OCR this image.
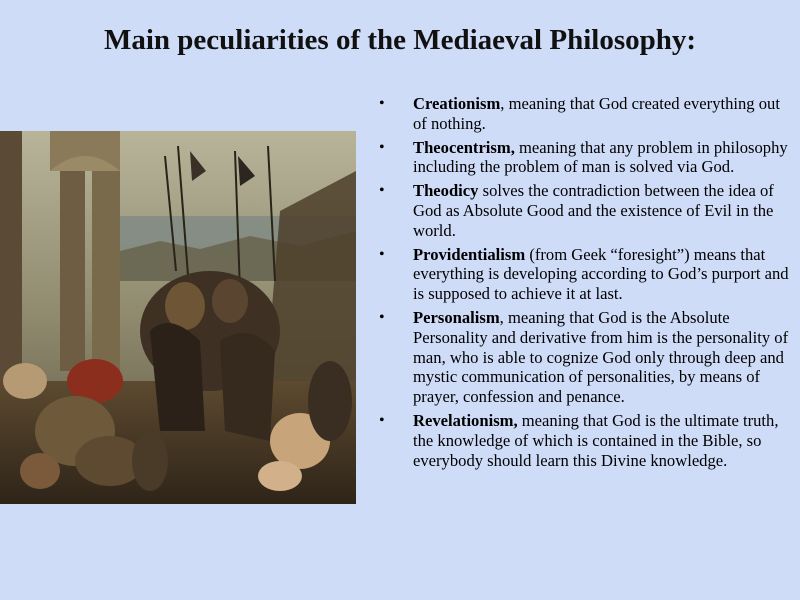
Main peculiarities of the Mediaeval Philosophy:
• Creationism, meaning that God created everything out of nothing.
• Theocentrism, meaning that any problem in philosophy including the problem of man is solved via God.
• Theodicy solves the contradiction between the idea of God as Absolute Good and the existence of Evil in the world.
• Providentialism (from Geek “foresight”) means that everything is developing according to God’s purport and is supposed to achieve it at last.
• Personalism, meaning that God is the Absolute Personality and derivative from him is the personality of man, who is able to cognize God only through deep and mystic communication of personalities, by means of prayer, confession and penance.
• Revelationism, meaning that God is the ultimate truth, the knowledge of which is contained in the Bible, so everybody should learn this Divine knowledge.
